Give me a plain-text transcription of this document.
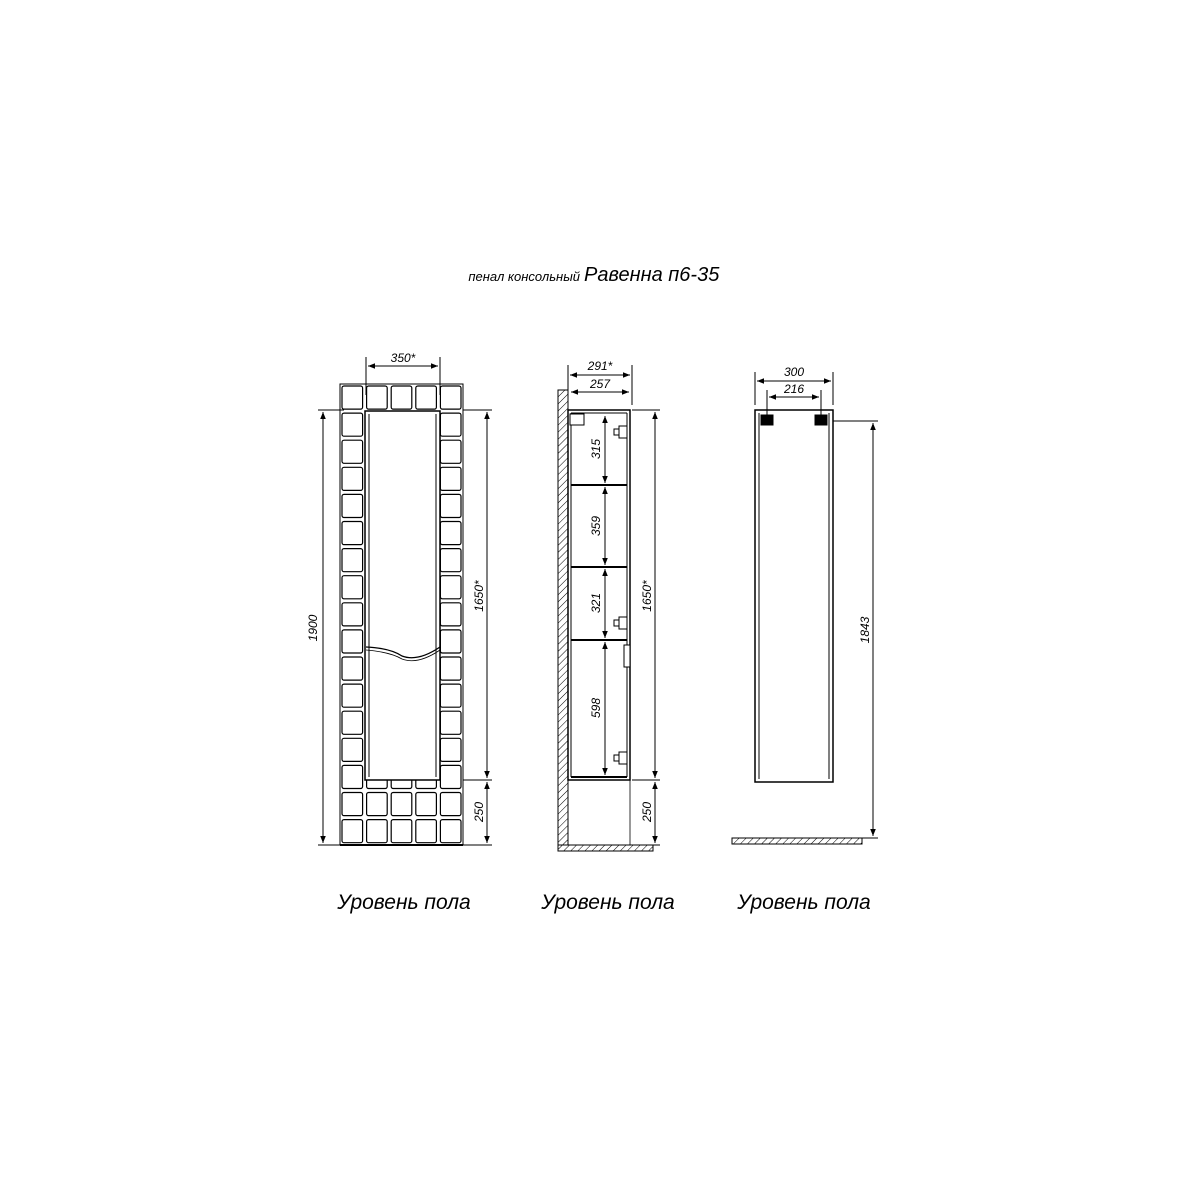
пенал консольный Равенна п6-35
350*
1900
1650*
250
291*
257
315
359
321
598
1650*
250
300
216
1843
Уровень пола	Уровень пола	Уровень пола
